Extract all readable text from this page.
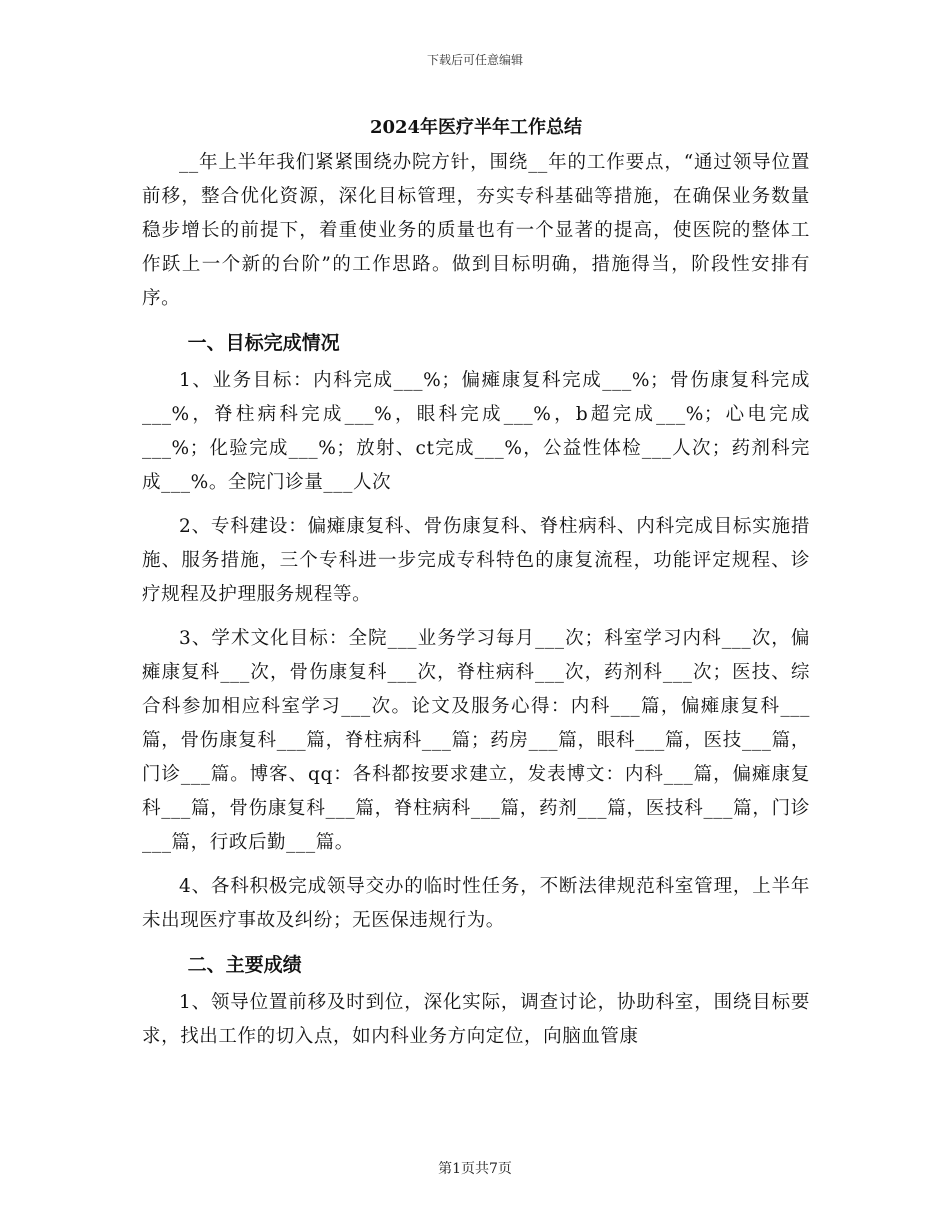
下载后可任意编辑
2024年医疗半年工作总结

__年上半年我们紧紧围绕办院方针，围绕__年的工作要点，“通过领导位置前移，整合优化资源，深化目标管理，夯实专科基础等措施，在确保业务数量稳步增长的前提下，着重使业务的质量也有一个显著的提高，使医院的整体工作跃上一个新的台阶”的工作思路。做到目标明确，措施得当，阶段性安排有序。

一、目标完成情况

1、业务目标：内科完成___%；偏瘫康复科完成___%；骨伤康复科完成___%，脊柱病科完成___%，眼科完成___%，b超完成___%；心电完成___%；化验完成___%；放射、ct完成___%，公益性体检___人次；药剂科完成___%。全院门诊量___人次

2、专科建设：偏瘫康复科、骨伤康复科、脊柱病科、内科完成目标实施措施、服务措施，三个专科进一步完成专科特色的康复流程，功能评定规程、诊疗规程及护理服务规程等。

3、学术文化目标：全院___业务学习每月___次；科室学习内科___次，偏瘫康复科___次，骨伤康复科___次，脊柱病科___次，药剂科___次；医技、综合科参加相应科室学习___次。论文及服务心得：内科___篇，偏瘫康复科___篇，骨伤康复科___篇，脊柱病科___篇；药房___篇，眼科___篇，医技___篇，门诊___篇。博客、qq：各科都按要求建立，发表博文：内科___篇，偏瘫康复科___篇，骨伤康复科___篇，脊柱病科___篇，药剂___篇，医技科___篇，门诊___篇，行政后勤___篇。

4、各科积极完成领导交办的临时性任务，不断法律规范科室管理，上半年未出现医疗事故及纠纷；无医保违规行为。

二、主要成绩

1、领导位置前移及时到位，深化实际，调查讨论，协助科室，围绕目标要求，找出工作的切入点，如内科业务方向定位，向脑血管康

第1页共7页
